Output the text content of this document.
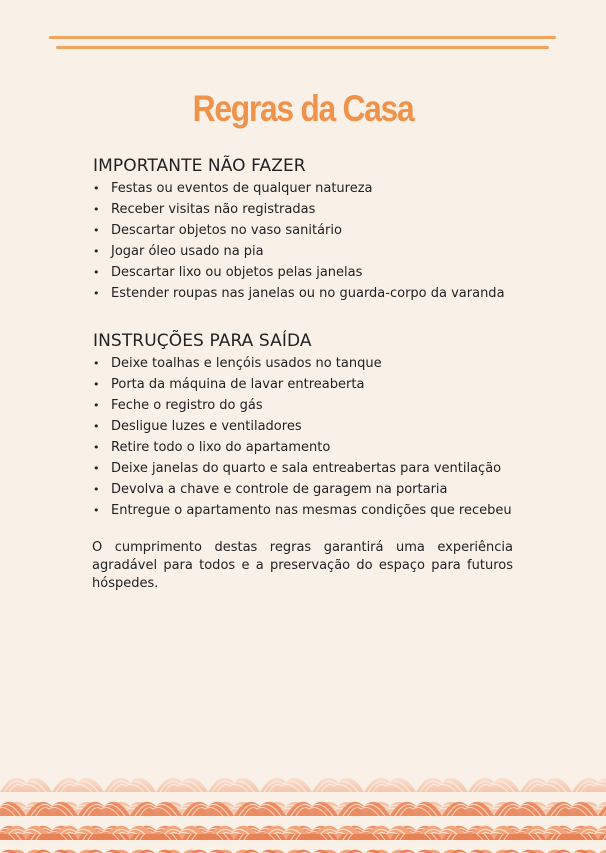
Regras da Casa
IMPORTANTE NÃO FAZER
• Festas ou eventos de qualquer natureza
• Receber visitas não registradas
• Descartar objetos no vaso sanitário
• Jogar óleo usado na pia
• Descartar lixo ou objetos pelas janelas
• Estender roupas nas janelas ou no guarda-corpo da varanda
INSTRUÇÕES PARA SAÍDA
• Deixe toalhas e lençóis usados no tanque
• Porta da máquina de lavar entreaberta
• Feche o registro do gás
• Desligue luzes e ventiladores
• Retire todo o lixo do apartamento
• Deixe janelas do quarto e sala entreabertas para ventilação
• Devolva a chave e controle de garagem na portaria
• Entregue o apartamento nas mesmas condições que recebeu
O cumprimento destas regras garantirá uma experiência agradável para todos e a preservação do espaço para futuros hóspedes.
